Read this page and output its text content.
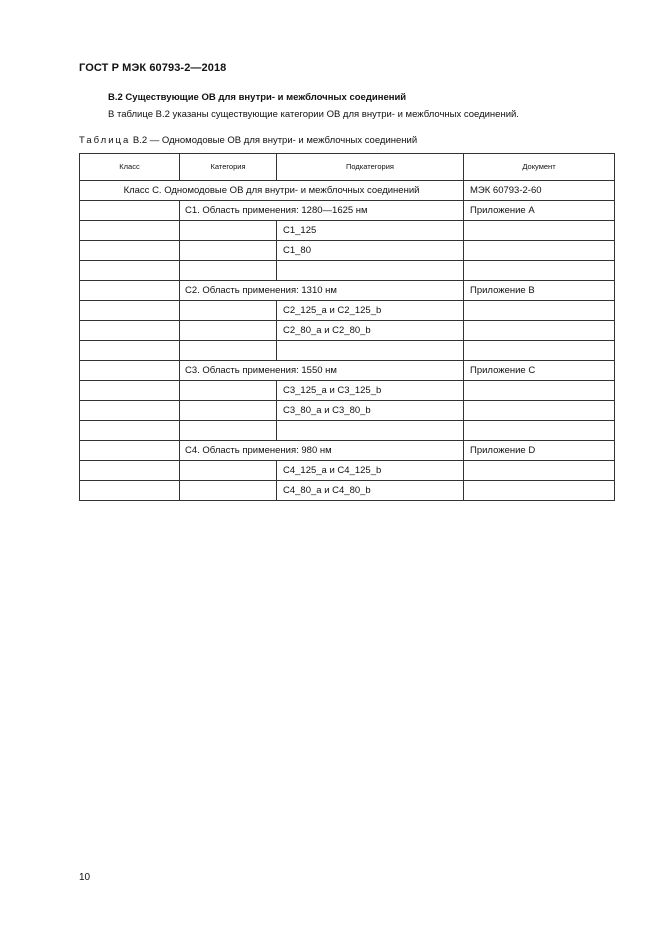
ГОСТ Р МЭК 60793-2—2018
В.2 Существующие ОВ для внутри- и межблочных соединений
В таблице В.2 указаны существующие категории ОВ для внутри- и межблочных соединений.
Таблица В.2 — Одномодовые ОВ для внутри- и межблочных соединений
Класс	Категория	Подкатегория	Документ
Класс С. Одномодовые ОВ для внутри- и межблочных соединений			МЭК 60793-2-60
	С1. Область применения: 1280—1625 нм		Приложение А
		С1_125	
		С1_80	

	С2. Область применения: 1310 нм		Приложение В
		С2_125_а и С2_125_b	
		С2_80_а и С2_80_b	

	С3. Область применения: 1550 нм		Приложение С
		С3_125_а и С3_125_b	
		С3_80_а и С3_80_b	

	С4. Область применения: 980 нм		Приложение D
		С4_125_а и С4_125_b	
		С4_80_а и С4_80_b	
10
